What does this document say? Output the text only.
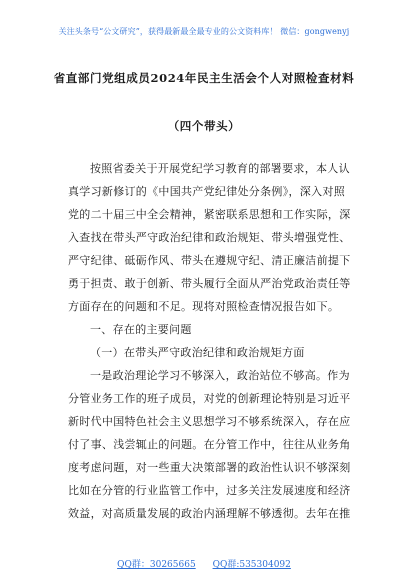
关注头条号“公文研究”，获得最新最全最专业的公文资料库！ 微信：gongwenyj
省直部门党组成员2024年民主生活会个人对照检查材料
（四个带头）
按照省委关于开展党纪学习教育的部署要求，本人认
真学习新修订的《中国共产党纪律处分条例》，深入对照
党的二十届三中全会精神，紧密联系思想和工作实际，深
入查找在带头严守政治纪律和政治规矩、带头增强党性、
严守纪律、砥砺作风、带头在遵规守纪、清正廉洁前提下
勇于担责、敢于创新、带头履行全面从严治党政治责任等
方面存在的问题和不足。现将对照检查情况报告如下。
一、存在的主要问题
（一）在带头严守政治纪律和政治规矩方面
一是政治理论学习不够深入，政治站位不够高。作为
分管业务工作的班子成员，对党的创新理论特别是习近平
新时代中国特色社会主义思想学习不够系统深入，存在应
付了事、浅尝辄止的问题。在分管工作中，往往从业务角
度考虑问题，对一些重大决策部署的政治性认识不够深刻
比如在分管的行业监管工作中，过多关注发展速度和经济
效益，对高质量发展的政治内涵理解不够透彻。去年在推
QQ群：30265665 QQ群:535304092
